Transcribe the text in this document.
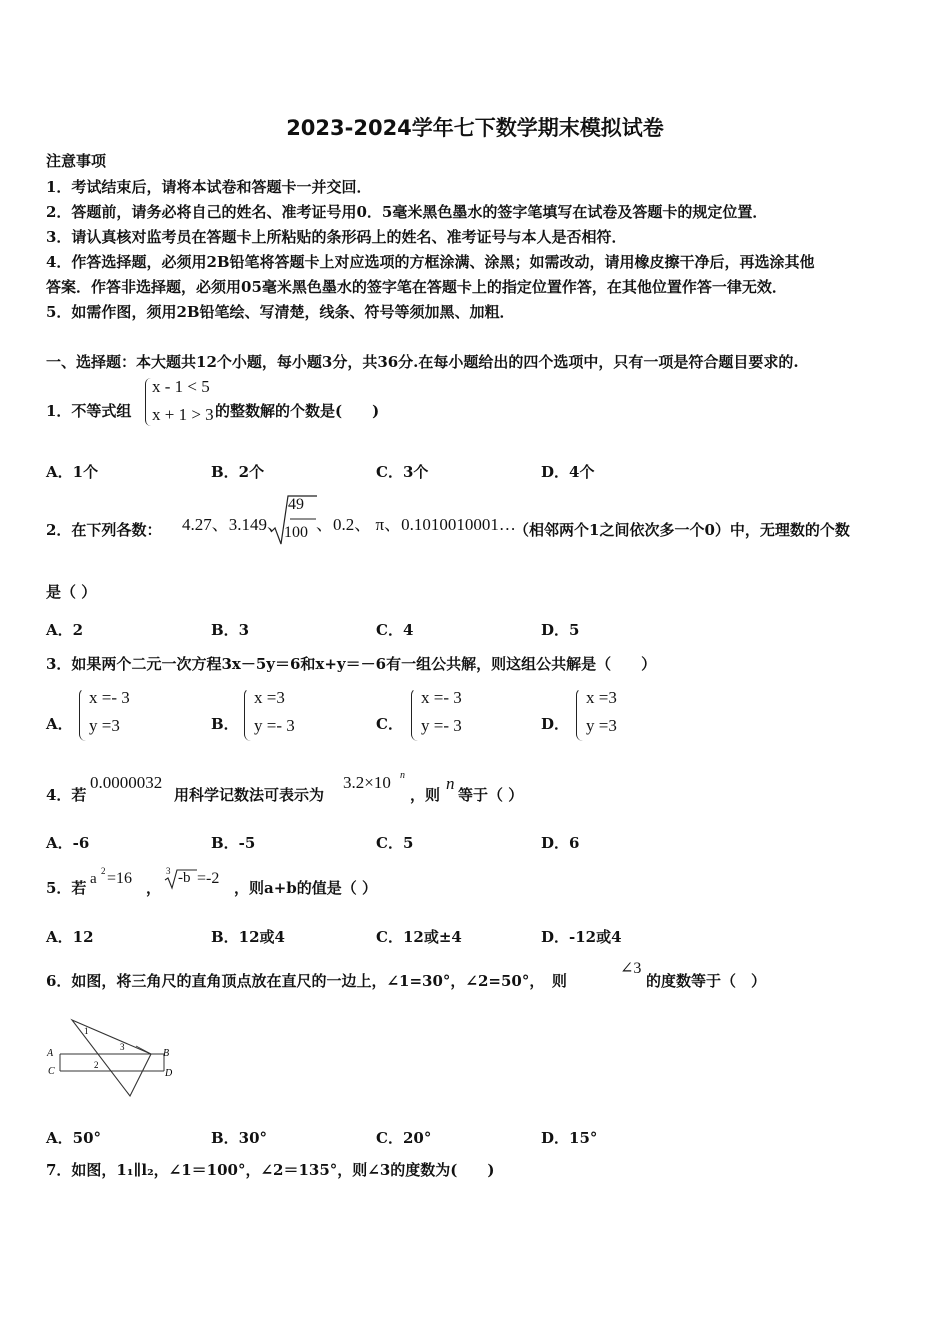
2023-2024学年七下数学期末模拟试卷
注意事项
1．考试结束后，请将本试卷和答题卡一并交回．
2．答题前，请务必将自己的姓名、准考证号用0．5毫米黑色墨水的签字笔填写在试卷及答题卡的规定位置．
3．请认真核对监考员在答题卡上所粘贴的条形码上的姓名、准考证号与本人是否相符．
4．作答选择题，必须用2B铅笔将答题卡上对应选项的方框涂满、涂黑；如需改动，请用橡皮擦干净后，再选涂其他
答案．作答非选择题，必须用05毫米黑色墨水的签字笔在答题卡上的指定位置作答，在其他位置作答一律无效．
5．如需作图，须用2B铅笔绘、写清楚，线条、符号等须加黑、加粗．
一、选择题：本大题共12个小题，每小题3分，共36分.在每小题给出的四个选项中，只有一项是符合题目要求的.
1．不等式组
x - 1 < 5
x + 1 > 3 的整数解的个数是(　　)
A．1个	B．2个	C．3个	D．4个
2．在下列各数： 4.27、3.149、
49
100 、0.2、 π、0.1010010001…
（相邻两个1之间依次多一个0）中，无理数的个数
是（ ）
A．2	B．3	C．4	D．5
3．如果两个二元一次方程3x－5y＝6和x+y＝－6有一组公共解，则这组公共解是（　　）
A．
x =- 3
y =3	B．
x =3
y =- 3	C．
x =- 3
y =- 3	D．
x =3
y =3
4．若
0.0000032
用科学记数法可表示为
3.2×10 n
，则
n
等于（ ）
A．-6	B．-5	C．5	D．6
5．若 a 2 =16
，
3 -b =-2
，则a+b的值是（ ）
A．12	B．12或4	C．12或±4	D．-12或4
6．如图，将三角尺的直角顶点放在直尺的一边上，∠1=30°，∠2=50°，　则
∠3
的度数等于（　）
A
C
B
D
1
2
3
A．50°	B．30°	C．20°	D．15°
7．如图，1₁∥l₂，∠1＝100°，∠2＝135°，则∠3的度数为(　　)
